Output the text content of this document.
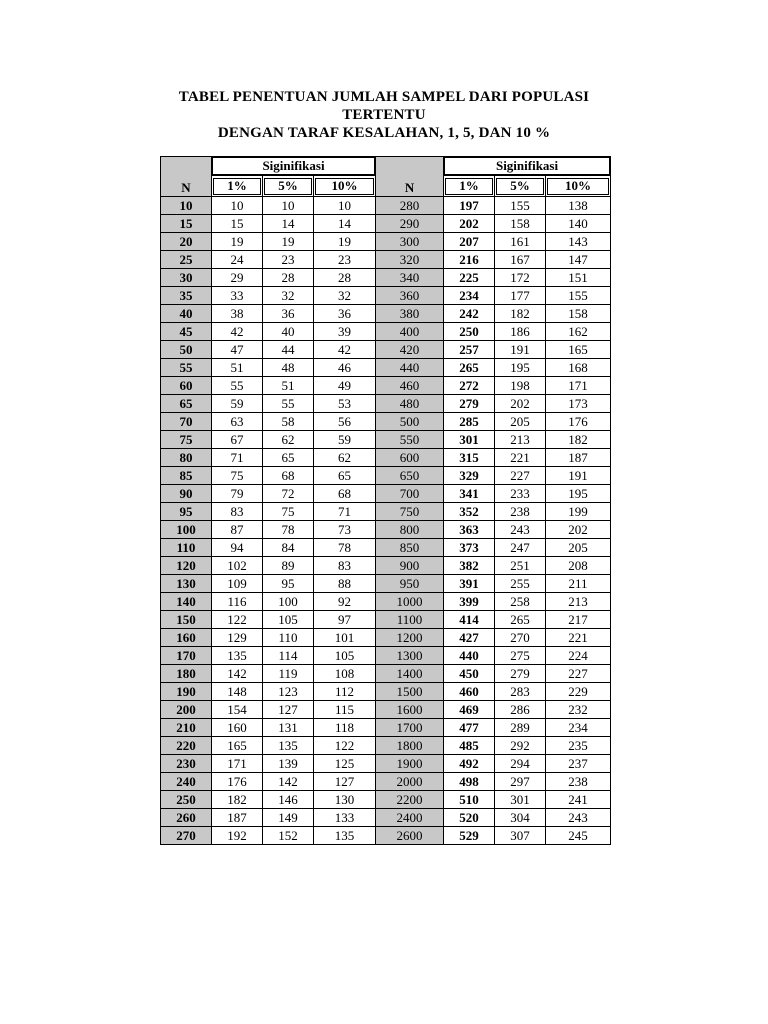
TABEL PENENTUAN JUMLAH SAMPEL DARI POPULASI
TERTENTU
DENGAN TARAF KESALAHAN, 1, 5, DAN 10 %
N	Siginifikasi			N	Siginifikasi		

	1%	5%	10%		1%	5%	10%

10	10	10	10	280	197	155	138
15	15	14	14	290	202	158	140
20	19	19	19	300	207	161	143
25	24	23	23	320	216	167	147
30	29	28	28	340	225	172	151
35	33	32	32	360	234	177	155
40	38	36	36	380	242	182	158
45	42	40	39	400	250	186	162
50	47	44	42	420	257	191	165
55	51	48	46	440	265	195	168
60	55	51	49	460	272	198	171
65	59	55	53	480	279	202	173
70	63	58	56	500	285	205	176
75	67	62	59	550	301	213	182
80	71	65	62	600	315	221	187
85	75	68	65	650	329	227	191
90	79	72	68	700	341	233	195
95	83	75	71	750	352	238	199
100	87	78	73	800	363	243	202
110	94	84	78	850	373	247	205
120	102	89	83	900	382	251	208
130	109	95	88	950	391	255	211
140	116	100	92	1000	399	258	213
150	122	105	97	1100	414	265	217
160	129	110	101	1200	427	270	221
170	135	114	105	1300	440	275	224
180	142	119	108	1400	450	279	227
190	148	123	112	1500	460	283	229
200	154	127	115	1600	469	286	232
210	160	131	118	1700	477	289	234
220	165	135	122	1800	485	292	235
230	171	139	125	1900	492	294	237
240	176	142	127	2000	498	297	238
250	182	146	130	2200	510	301	241
260	187	149	133	2400	520	304	243
270	192	152	135	2600	529	307	245
